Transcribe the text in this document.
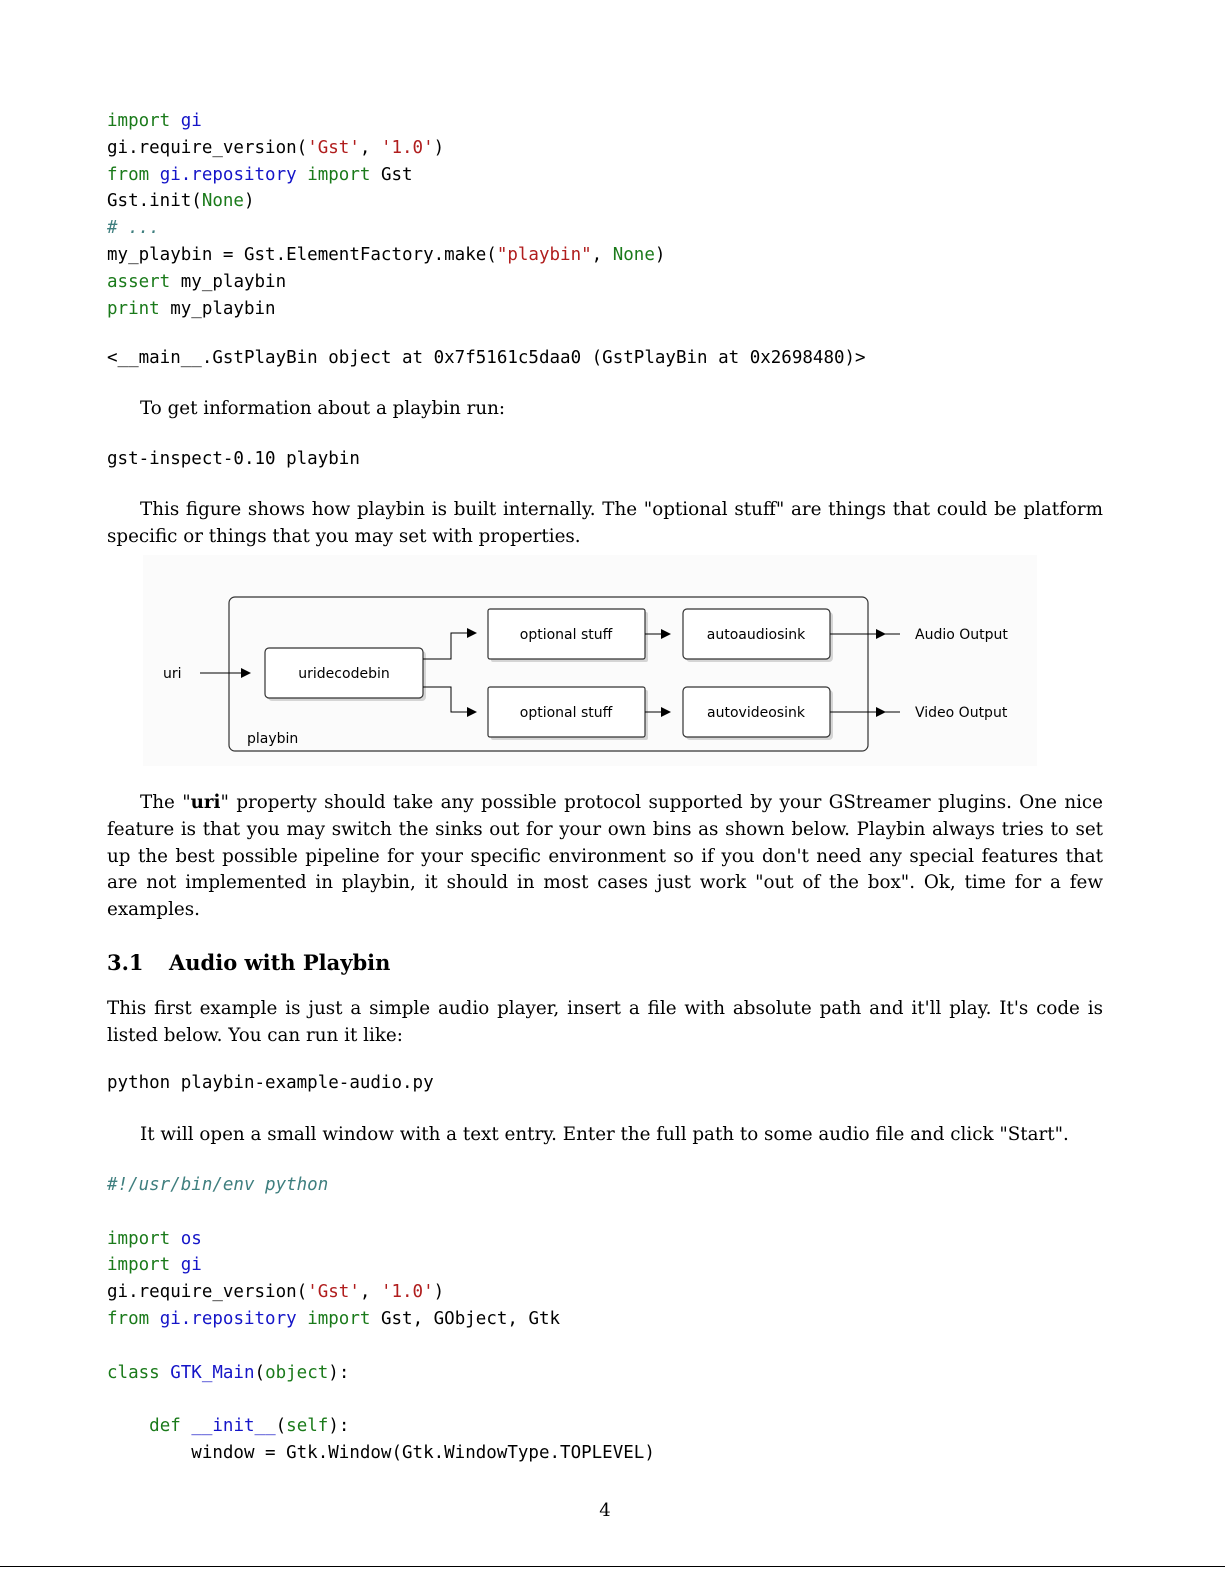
import gi
gi.require_version('Gst', '1.0')
from gi.repository import Gst
Gst.init(None)
# ...
my_playbin = Gst.ElementFactory.make("playbin", None)
assert my_playbin
print my_playbin
<__main__.GstPlayBin object at 0x7f5161c5daa0 (GstPlayBin at 0x2698480)>
To get information about a playbin run:
gst-inspect-0.10 playbin
This figure shows how playbin is built internally. The "optional stuff" are things that could be platform specific or things that you may set with properties.
playbin
uri	uridecodebin
optional stuff
optional stuff
autoaudiosink
autovideosink
Audio Output
Video Output
The "uri" property should take any possible protocol supported by your GStreamer plugins. One nice feature is that you may switch the sinks out for your own bins as shown below. Playbin always tries to set up the best possible pipeline for your specific environment so if you don't need any special features that are not implemented in playbin, it should in most cases just work "out of the box". Ok, time for a few examples.
3.1 Audio with Playbin
This first example is just a simple audio player, insert a file with absolute path and it'll play. It's code is listed below. You can run it like:
python playbin-example-audio.py
It will open a small window with a text entry. Enter the full path to some audio file and click "Start".
#!/usr/bin/env python

import os
import gi
gi.require_version('Gst', '1.0')
from gi.repository import Gst, GObject, Gtk

class GTK_Main(object):

def __init__(self):
window = Gtk.Window(Gtk.WindowType.TOPLEVEL)
4
